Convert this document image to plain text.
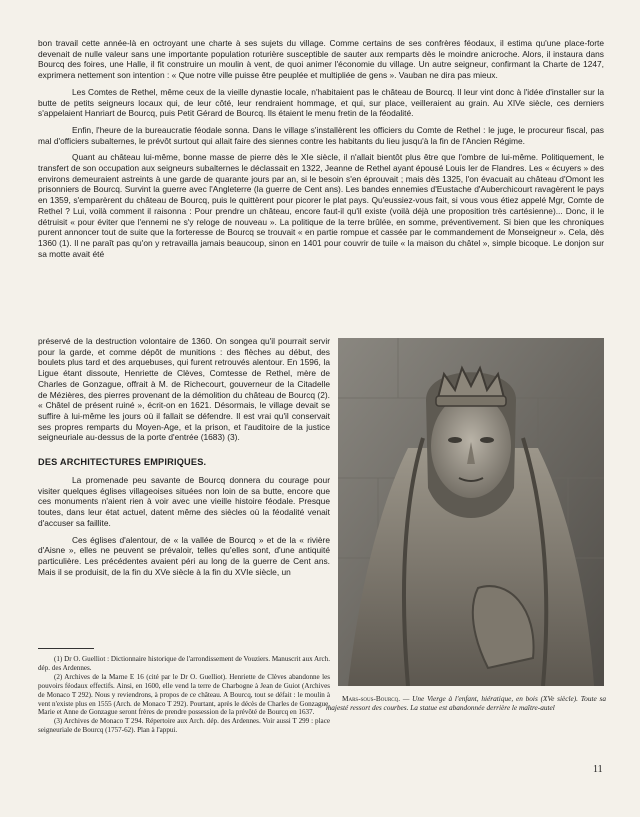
bon travail cette année-là en octroyant une charte à ses sujets du village. Comme certains de ses confrères féodaux, il estima qu'une place-forte devenait de nulle valeur sans une importante population roturière susceptible de sauter aux remparts dès le moindre anicroche. Alors, il instaura dans Bourcq des foires, une Halle, il fit construire un moulin à vent, de quoi animer l'économie du village. Un autre seigneur, confirmant la Charte de 1247, exprimera nettement son intention : « Que notre ville puisse être peuplée et multipliée de gens ». Vauban ne dira pas mieux.

Les Comtes de Rethel, même ceux de la vieille dynastie locale, n'habitaient pas le château de Bourcq. Il leur vint donc à l'idée d'installer sur la butte de petits seigneurs locaux qui, de leur côté, leur rendraient hommage, et qui, sur place, veilleraient au grain. Au XIVe siècle, ces derniers s'appelaient Hanriart de Bourcq, puis Petit Gérard de Bourcq. Ils étaient le menu fretin de la féodalité.

Enfin, l'heure de la bureaucratie féodale sonna. Dans le village s'installèrent les officiers du Comte de Rethel : le juge, le procureur fiscal, pas mal d'officiers subalternes, le prévôt surtout qui allait faire des siennes contre les habitants du lieu jusqu'à la fin de l'Ancien Régime.

Quant au château lui-même, bonne masse de pierre dès le XIe siècle, il n'allait bientôt plus être que l'ombre de lui-même. Politiquement, le transfert de son occupation aux seigneurs subalternes le déclassait en 1322, Jeanne de Rethel ayant épousé Louis Ier de Flandres. Les « écuyers » des environs demeuraient astreints à une garde de quarante jours par an, si le besoin s'en éprouvait ; mais dès 1325, l'on évacuait au château d'Omont les prisonniers de Bourcq. Survint la guerre avec l'Angleterre (la guerre de Cent ans). Les bandes ennemies d'Eustache d'Auberchicourt ravagèrent le pays en 1359, s'emparèrent du château de Bourcq, puis le quittèrent pour picorer le plat pays. Qu'eussiez-vous fait, si vous vous étiez appelé Mgr, Comte de Rethel ? Lui, voilà comment il raisonna : Pour prendre un château, encore faut-il qu'il existe (voilà déjà une proposition très cartésienne)... Donc, il le détruisit « pour éviter que l'ennemi ne s'y reloge de nouveau ». La politique de la terre brûlée, en somme, préventivement. Si bien que les chroniques purent annoncer tout de suite que la forteresse de Bourcq se trouvait « en partie rompue et cassée par le commandement de Monseigneur ». Cela, dès 1360 (1). Il ne paraît pas qu'on y retravailla jamais beaucoup, sinon en 1401 pour couvrir de tuile « la maison du châtel », simple bicoque. Le donjon sur sa motte avait été

préservé de la destruction volontaire de 1360. On songea qu'il pourrait servir pour la garde, et comme dépôt de munitions : des flèches au début, des boulets plus tard et des arquebuses, qui furent retrouvés alentour. En 1596, la Ligue étant dissoute, Henriette de Clèves, Comtesse de Rethel, mère de Charles de Gonzague, offrait à M. de Richecourt, gouverneur de la Citadelle de Mézières, des pierres provenant de la démolition du château de Bourcq (2). « Châtel de présent ruiné », écrit-on en 1621. Désormais, le village devait se suffire à lui-même les jours où il fallait se défendre. Il est vrai qu'il conservait ses propres remparts du Moyen-Age, et la prison, et l'auditoire de la justice seigneuriale au-dessus de la porte d'entrée (1683) (3).

DES ARCHITECTURES EMPIRIQUES.

La promenade peu savante de Bourcq donnera du courage pour visiter quelques églises villageoises situées non loin de sa butte, encore que ces monuments n'aient rien à voir avec une vieille histoire féodale. Presque toutes, dans leur état actuel, datent même des siècles où la féodalité venait d'accuser sa faillite.

Ces églises d'alentour, de « la vallée de Bourcq » et de la « rivière d'Aisne », elles ne peuvent se prévaloir, telles qu'elles sont, d'une antiquité particulière. Les précédentes avaient péri au long de la guerre de Cent ans. Mais il se produisit, de la fin du XVe siècle à la fin du XVIe siècle, un

(1) Dr O. Guelliot : Dictionnaire historique de l'arrondissement de Vouziers. Manuscrit aux Arch. dép. des Ardennes.

(2) Archives de la Marne E 16 (cité par le Dr O. Guelliot). Henriette de Clèves abandonne les pouvoirs féodaux effectifs. Ainsi, en 1600, elle vend la terre de Charbogne à Jean de Guiot (Archives de Monaco T 292). Nous y reviendrons, à propos de ce château. A Bourcq, tout se défait : le moulin à vent n'existe plus en 1555 (Arch. de Monaco T 292). Pourtant, après le décès de Charles de Gonzague, Marie et Anne de Gonzague seront frères de prendre possession de la prévôté de Bourcq en 1637.

(3) Archives de Monaco T 294. Répertoire aux Arch. dép. des Ardennes. Voir aussi T 299 : place seigneuriale de Bourcq (1757-62). Plan à l'appui.

Mars-sous-Bourcq. — Une Vierge à l'enfant, hiératique, en bois (XVe siècle). Toute sa majesté ressort des courbes. La statue est abandonnée derrière le maître-autel
11
